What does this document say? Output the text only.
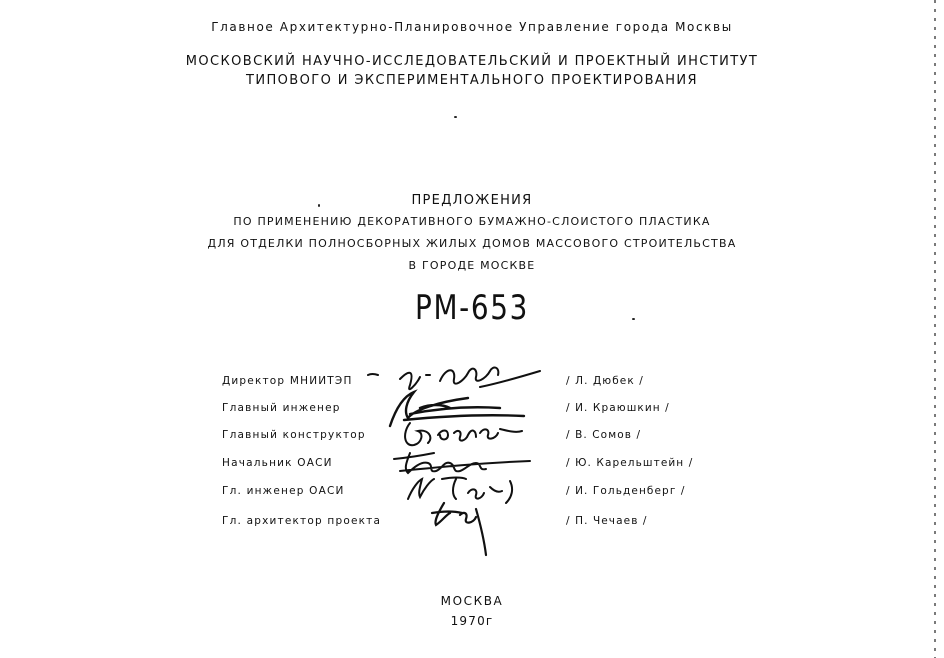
Главное Архитектурно-Планировочное Управление города Москвы
МОСКОВСКИЙ НАУЧНО-ИССЛЕДОВАТЕЛЬСКИЙ И ПРОЕКТНЫЙ ИНСТИТУТ
ТИПОВОГО И ЭКСПЕРИМЕНТАЛЬНОГО ПРОЕКТИРОВАНИЯ
ПРЕДЛОЖЕНИЯ
ПО ПРИМЕНЕНИЮ ДЕКОРАТИВНОГО БУМАЖНО-СЛОИСТОГО ПЛАСТИКА
ДЛЯ ОТДЕЛКИ ПОЛНОСБОРНЫХ ЖИЛЫХ ДОМОВ МАССОВОГО СТРОИТЕЛЬСТВА
В ГОРОДЕ МОСКВЕ
РМ-653
Директор МНИИТЭП	/ Л. Дюбек /
Главный инженер	/ И. Краюшкин /
Главный конструктор	/ В. Сомов /
Начальник ОАСИ	/ Ю. Карельштейн /
Гл. инженер ОАСИ	/ И. Гольденберг /
Гл. архитектор проекта	/ П. Чечаев /
МОСКВА
1970г
